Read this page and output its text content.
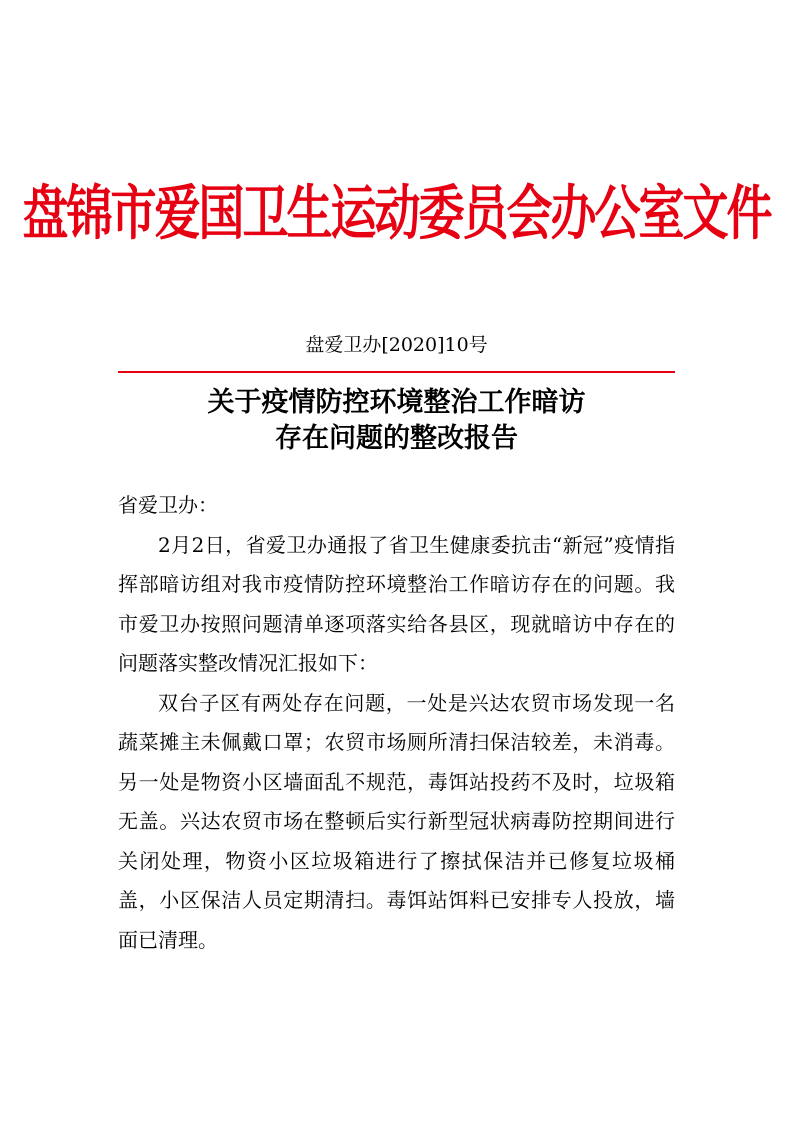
盘锦市爱国卫生运动委员会办公室文件
盘爱卫办[2020]10号
关于疫情防控环境整治工作暗访
存在问题的整改报告

省爱卫办：

2月2日，省爱卫办通报了省卫生健康委抗击“新冠”疫情指挥部暗访组对我市疫情防控环境整治工作暗访存在的问题。我市爱卫办按照问题清单逐项落实给各县区，现就暗访中存在的问题落实整改情况汇报如下：

双台子区有两处存在问题，一处是兴达农贸市场发现一名蔬菜摊主未佩戴口罩；农贸市场厕所清扫保洁较差，未消毒。另一处是物资小区墙面乱不规范，毒饵站投药不及时，垃圾箱无盖。兴达农贸市场在整顿后实行新型冠状病毒防控期间进行关闭处理，物资小区垃圾箱进行了擦拭保洁并已修复垃圾桶盖，小区保洁人员定期清扫。毒饵站饵料已安排专人投放，墙面已清理。
